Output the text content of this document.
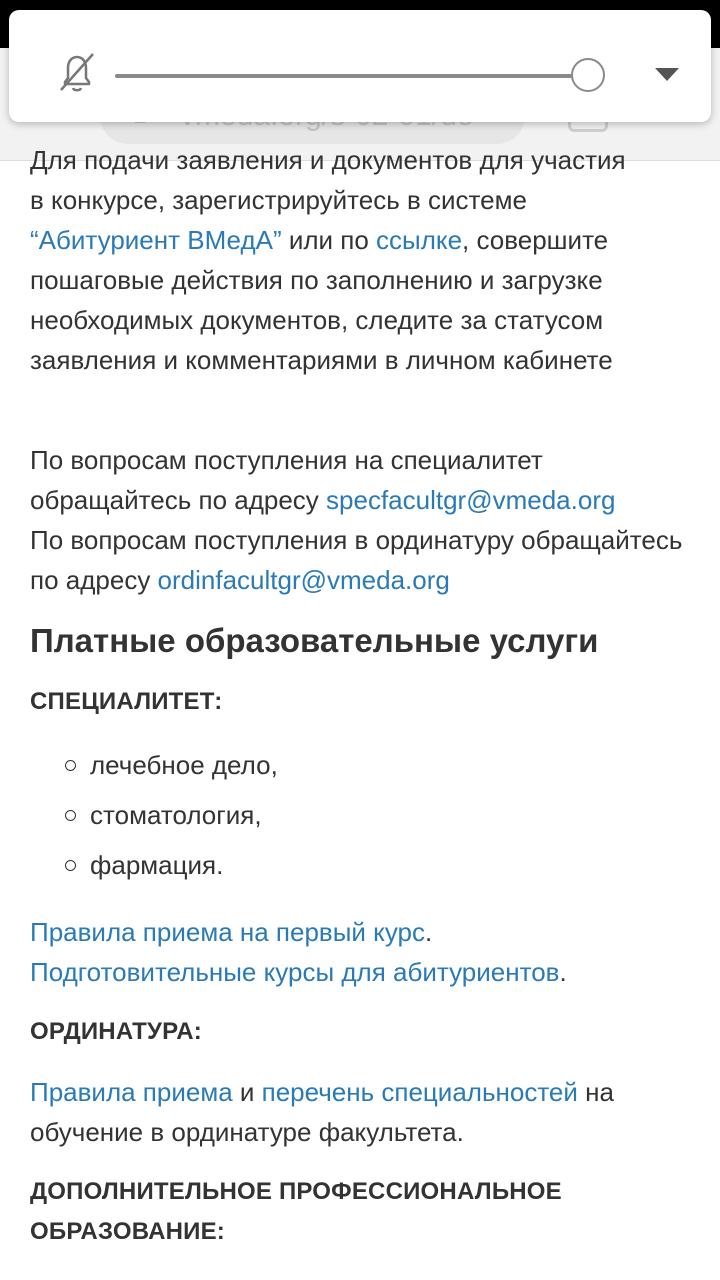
Для подачи заявления и документов для участия
в конкурсе, зарегистрируйтесь в системе
“Абитуриент ВМедА” или по ссылке, совершите пошаговые действия по заполнению и загрузке необходимых документов, следите за статусом заявления и комментариями в личном кабинете

По вопросам поступления на специалитет обращайтесь по адресу specfacultgr@vmeda.org

По вопросам поступления в ординатуру обращайтесь по адресу ordinfacultgr@vmeda.org

Платные образовательные услуги
СПЕЦИАЛИТЕТ:
лечебное дело,
стоматология,
фармация.

Правила приема на первый курс.
Подготовительные курсы для абитуриентов.

ОРДИНАТУРА:

Правила приема и перечень специальностей на обучение в ординатуре факультета.

ДОПОЛНИТЕЛЬНОЕ ПРОФЕССИОНАЛЬНОЕ ОБРАЗОВАНИЕ:
